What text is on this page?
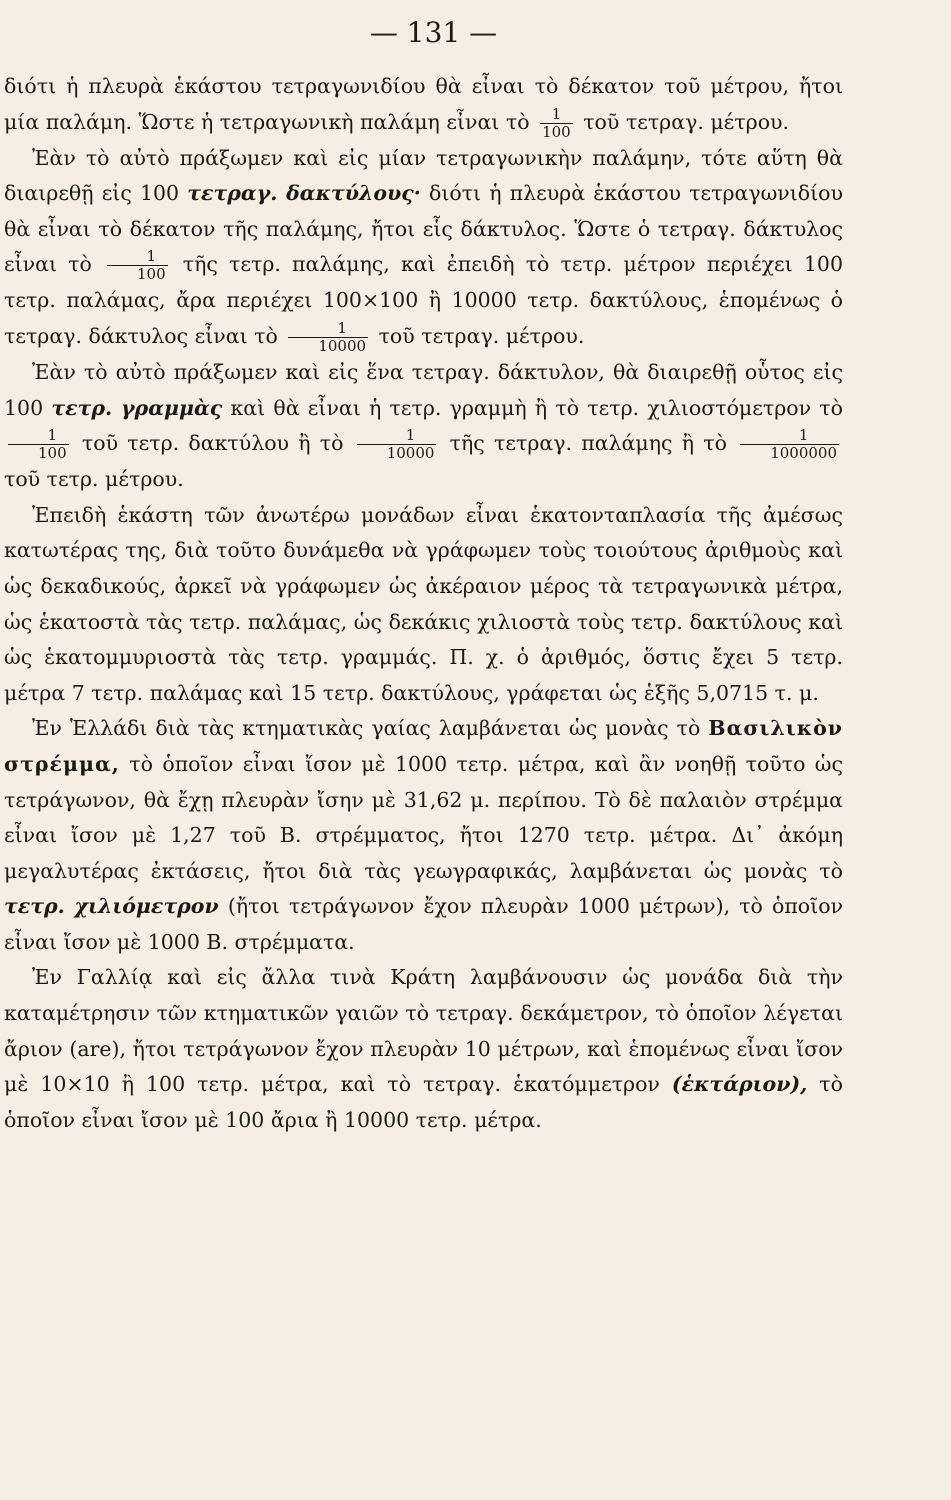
— 131 —

διότι ἡ πλευρὰ ἑκάστου τετραγωνιδίου θὰ εἶναι τὸ δέκατον τοῦ μέτρου, ἤτοι μία παλάμη. Ὥστε ἡ τετραγωνικὴ παλάμη εἶναι τὸ $\frac{1}{100}$ τοῦ τετραγ. μέτρου.

Ἐὰν τὸ αὐτὸ πράξωμεν καὶ εἰς μίαν τετραγωνικὴν παλάμην, τότε αὕτη θὰ διαιρεθῇ εἰς 100 τετραγ. δακτύλους· διότι ἡ πλευρὰ ἑκάστου τετραγωνιδίου θὰ εἶναι τὸ δέκατον τῆς παλάμης, ἤτοι εἷς δάκτυλος. Ὥστε ὁ τετραγ. δάκτυλος εἶναι τὸ $\frac{1}{100}$ τῆς τετρ. παλάμης, καὶ ἐπειδὴ τὸ τετρ. μέτρον περιέχει 100 τετρ. παλάμας, ἄρα περιέχει 100×100 ἢ 10000 τετρ. δακτύλους, ἑπομένως ὁ τετραγ. δάκτυλος εἶναι τὸ $\frac{1}{10000}$ τοῦ τετραγ. μέτρου.

Ἐὰν τὸ αὐτὸ πράξωμεν καὶ εἰς ἕνα τετραγ. δάκτυλον, θὰ διαιρεθῇ οὗτος εἰς 100 τετρ. γραμμὰς καὶ θὰ εἶναι ἡ τετρ. γραμμὴ ἢ τὸ τετρ. χιλιοστόμετρον τὸ
$\frac{1}{100}$ τοῦ τετρ. δακτύλου ἢ τὸ $\frac{1}{10000}$ τῆς τετραγ. παλάμης ἢ τὸ $\frac{1}{1000000}$
τοῦ τετρ. μέτρου.

Ἐπειδὴ ἑκάστη τῶν ἀνωτέρω μονάδων εἶναι ἑκατονταπλασία τῆς ἀμέσως κατωτέρας της, διὰ τοῦτο δυνάμεθα νὰ γράφωμεν τοὺς τοιούτους ἀριθμοὺς καὶ ὡς δεκαδικούς, ἀρκεῖ νὰ γράφωμεν ὡς ἀκέραιον μέρος τὰ τετραγωνικὰ μέτρα, ὡς ἑκατοστὰ τὰς τετρ. παλάμας, ὡς δεκάκις χιλιοστὰ τοὺς τετρ. δακτύλους καὶ ὡς ἑκατομμυριοστὰ τὰς τετρ. γραμμάς. Π. χ. ὁ ἀριθμός, ὅστις ἔχει 5 τετρ. μέτρα 7 τετρ. παλάμας καὶ 15 τετρ. δακτύλους, γράφεται ὡς ἑξῆς 5,0715 τ. μ.

Ἐν Ἑλλάδι διὰ τὰς κτηματικὰς γαίας λαμβάνεται ὡς μονὰς τὸ Βασιλικὸν στρέμμα, τὸ ὁποῖον εἶναι ἴσον μὲ 1000 τετρ. μέτρα, καὶ ἂν νοηθῇ τοῦτο ὡς τετράγωνον, θὰ ἔχῃ πλευρὰν ἴσην μὲ 31,62 μ. περίπου. Τὸ δὲ παλαιὸν στρέμμα εἶναι ἴσον μὲ 1,27 τοῦ Β. στρέμματος, ἤτοι 1270 τετρ. μέτρα. Δι᾽ ἀκόμη μεγαλυτέρας ἐκτάσεις, ἤτοι διὰ τὰς γεωγραφικάς, λαμβάνεται ὡς μονὰς τὸ τετρ. χιλιόμετρον (ἤτοι τετράγωνον ἔχον πλευρὰν 1000 μέτρων), τὸ ὁποῖον εἶναι ἴσον μὲ 1000 Β. στρέμματα.

Ἐν Γαλλίᾳ καὶ εἰς ἄλλα τινὰ Κράτη λαμβάνουσιν ὡς μονάδα διὰ τὴν καταμέτρησιν τῶν κτηματικῶν γαιῶν τὸ τετραγ. δεκάμετρον, τὸ ὁποῖον λέγεται ἄριον (are), ἤτοι τετράγωνον ἔχον πλευρὰν 10 μέτρων, καὶ ἑπομένως εἶναι ἴσον μὲ 10×10 ἢ 100 τετρ. μέτρα, καὶ τὸ τετραγ. ἑκατόμμετρον (ἑκτάριον), τὸ ὁποῖον εἶναι ἴσον μὲ 100 ἄρια ἢ 10000 τετρ. μέτρα.
